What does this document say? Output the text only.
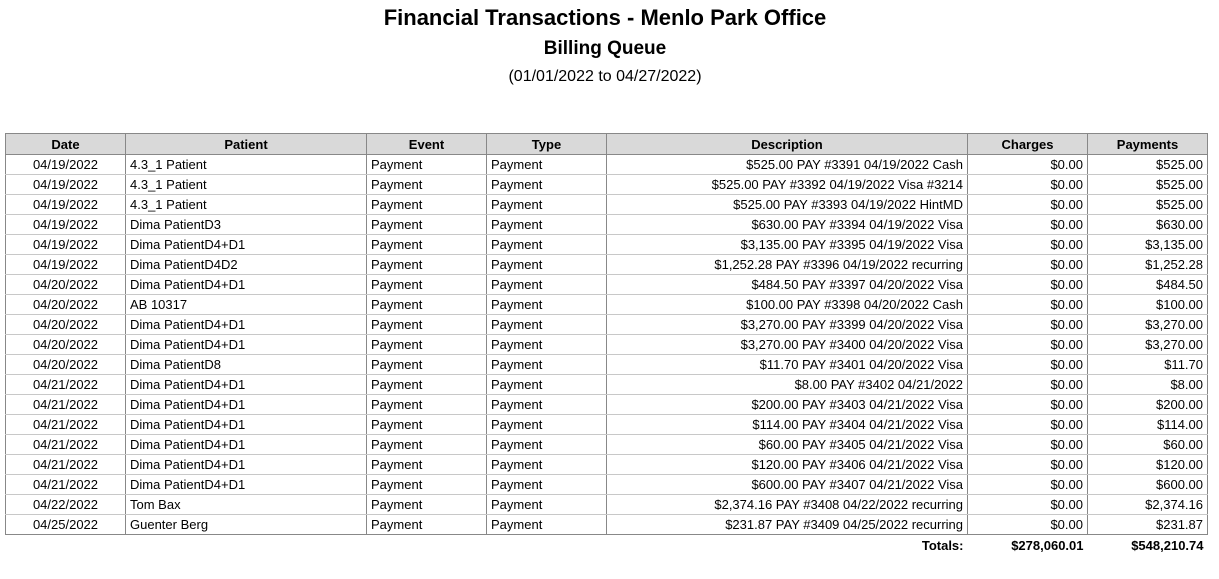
Financial Transactions - Menlo Park Office
Billing Queue
(01/01/2022 to 04/27/2022)
Date	Patient	Event	Type	Description	Charges	Payments
04/19/2022	4.3_1 Patient	Payment	Payment	$525.00 PAY #3391 04/19/2022 Cash	$0.00	$525.00
04/19/2022	4.3_1 Patient	Payment	Payment	$525.00 PAY #3392 04/19/2022 Visa #3214	$0.00	$525.00
04/19/2022	4.3_1 Patient	Payment	Payment	$525.00 PAY #3393 04/19/2022 HintMD	$0.00	$525.00
04/19/2022	Dima PatientD3	Payment	Payment	$630.00 PAY #3394 04/19/2022 Visa	$0.00	$630.00
04/19/2022	Dima PatientD4+D1	Payment	Payment	$3,135.00 PAY #3395 04/19/2022 Visa	$0.00	$3,135.00
04/19/2022	Dima PatientD4D2	Payment	Payment	$1,252.28 PAY #3396 04/19/2022 recurring	$0.00	$1,252.28
04/20/2022	Dima PatientD4+D1	Payment	Payment	$484.50 PAY #3397 04/20/2022 Visa	$0.00	$484.50
04/20/2022	AB 10317	Payment	Payment	$100.00 PAY #3398 04/20/2022 Cash	$0.00	$100.00
04/20/2022	Dima PatientD4+D1	Payment	Payment	$3,270.00 PAY #3399 04/20/2022 Visa	$0.00	$3,270.00
04/20/2022	Dima PatientD4+D1	Payment	Payment	$3,270.00 PAY #3400 04/20/2022 Visa	$0.00	$3,270.00
04/20/2022	Dima PatientD8	Payment	Payment	$11.70 PAY #3401 04/20/2022 Visa	$0.00	$11.70
04/21/2022	Dima PatientD4+D1	Payment	Payment	$8.00 PAY #3402 04/21/2022	$0.00	$8.00
04/21/2022	Dima PatientD4+D1	Payment	Payment	$200.00 PAY #3403 04/21/2022 Visa	$0.00	$200.00
04/21/2022	Dima PatientD4+D1	Payment	Payment	$114.00 PAY #3404 04/21/2022 Visa	$0.00	$114.00
04/21/2022	Dima PatientD4+D1	Payment	Payment	$60.00 PAY #3405 04/21/2022 Visa	$0.00	$60.00
04/21/2022	Dima PatientD4+D1	Payment	Payment	$120.00 PAY #3406 04/21/2022 Visa	$0.00	$120.00
04/21/2022	Dima PatientD4+D1	Payment	Payment	$600.00 PAY #3407 04/21/2022 Visa	$0.00	$600.00
04/22/2022	Tom Bax	Payment	Payment	$2,374.16 PAY #3408 04/22/2022 recurring	$0.00	$2,374.16
04/25/2022	Guenter Berg	Payment	Payment	$231.87 PAY #3409 04/25/2022 recurring	$0.00	$231.87
				Totals:	$278,060.01	$548,210.74
